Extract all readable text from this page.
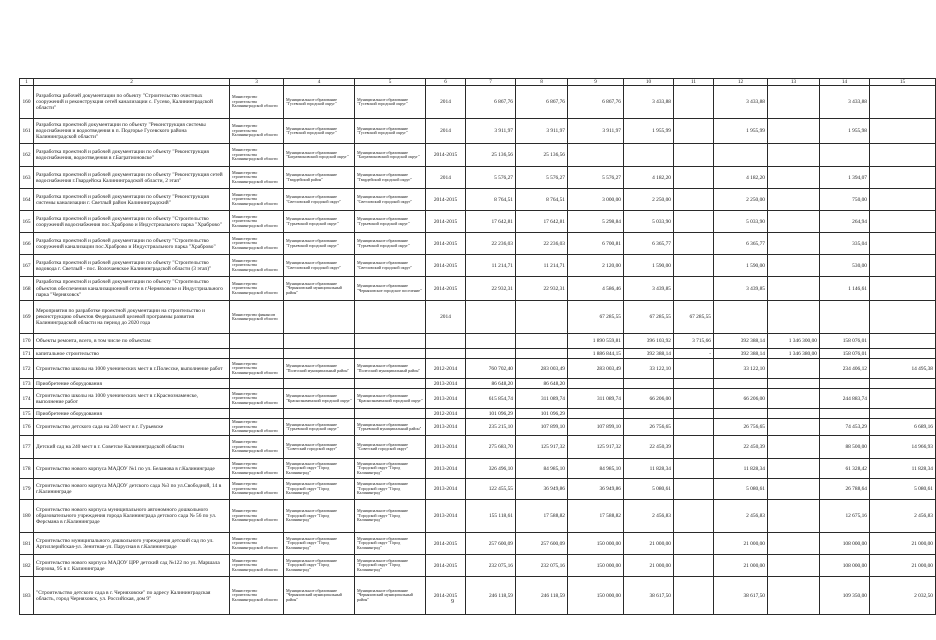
1	2	3	4	5	6	7	8	9	10	11	12	13	14	15
160	Разработка рабочей документации по объекту "Строительство очистных сооружений и реконструкция сетей канализации с. Гусево, Калининградской области"	Министерство строительства Калининградской области	Муниципальное образование "Гусевский городской округ"	Муниципальное образование "Гусевский городской округ"	2014	6 867,76	6 867,76	6 867,76	3 433,88		3 433,88		3 433,88	
161	Разработка проектной документации по объекту "Реконструкция системы водоснабжения и водоотведения в п. Подгорье Гусевского района Калининградской области"	Министерство строительства Калининградской области	Муниципальное образование "Гусевский городской округ"	Муниципальное образование "Гусевский городской округ"	2014	3 911,97	3 911,97	3 911,97	1 955,99		1 955,99		1 955,98	
162	Разработка проектной и рабочей документации по объекту "Реконструкция водоснабжения, водоотведения в г.Багратионовске"	Министерство строительства Калининградской области	Муниципальное образование "Багратионовский городской округ"	Муниципальное образование "Багратионовский городской округ"	2014-2015	25 136,56	25 136,56							
163	Разработка проектной и рабочей документации по объекту "Реконструкция сетей водоснабжения г.Гвардейска Калининградской области, 2 этап"	Министерство строительства Калининградской области	Муниципальное образование "Гвардейский район"	Муниципальное образование "Гвардейский городской округ"	2014	5 576,27	5 576,27	5 576,27	4 182,20		4 182,20		1 394,07	
164	Разработка проектной и рабочей документации по объекту "Реконструкция системы канализации г. Светлый район Калининградский"	Министерство строительства Калининградской области	Муниципальное образование "Светловский городской округ"	Муниципальное образование "Светловский городской округ"	2014-2015	8 764,51	8 764,51	3 000,00	2 250,00		2 250,00		750,00	
165	Разработка проектной и рабочей документации по объекту "Строительство сооружений водоснабжения пос.Храброво и Индустриального парка "Храброво"	Министерство строительства Калининградской области	Муниципальное образование "Гурьевский городской округ"	Муниципальное образование "Гурьевский городской округ"	2014-2015	17 642,81	17 642,81	5 298,84	5 033,90		5 033,90		264,94	
166	Разработка проектной и рабочей документации по объекту "Строительство сооружений канализации пос.Храброво и Индустриального парка "Храброво"	Министерство строительства Калининградской области	Муниципальное образование "Гурьевский городской округ"	Муниципальное образование "Гурьевский городской округ"	2014-2015	22 236,03	22 236,03	6 700,81	6 365,77		6 365,77		335,04	
167	Разработка проектной и рабочей документации по объекту "Строительство водовода г. Светлый - пос. Волочаевское Калининградской области (3 этап)"	Министерство строительства Калининградской области	Муниципальное образование "Светловский городской округ"	Муниципальное образование "Светловский городской округ"	2014-2015	11 214,71	11 214,71	2 120,00	1 590,00		1 590,00		530,00	
168	Разработка проектной и рабочей документации по объекту "Строительство объектов обеспечения канализационной сети в г.Черняховске и Индустриального парка "Черняховск"	Министерство строительства Калининградской области	Муниципальное образование "Черняховский муниципальный район"	Муниципальное образование "Черняховское городское поселение"	2014-2015	22 932,31	22 932,31	4 586,46	3 439,85		3 439,85		1 146,61	
169	Мероприятия по разработке проектной документации на строительство и реконструкцию объектов Федеральной целевой программы развития Калининградской области на период до 2020 года	Министерство финансов Калининградской области			2014			67 285,55	67 285,55	67 285,55				
170	Объекты ремонта, всего, в том числе по объектам:							1 890 559,81	396 103,92	3 715,66	392 388,14	1 346 300,00	158 076,01	
171	капитальное строительство							1 886 844,15	392 388,14	-	392 388,14	1 346 380,00	158 076,01	
172	Строительство школы на 1000 ученических мест в г.Полесске, выполнение работ	Министерство строительства Калининградской области	Муниципальное образование "Полесский муниципальный район"	Муниципальное образование "Полесский муниципальный район"	2012-2014	760 702,40	283 003,49	283 003,49	33 122,10		33 122,10		234 406,12	14 495,38
173	Приобретение оборудования				2013-2014	86 648,20	86 648,20							
174	Строительство школы на 1000 ученических мест в г.Краснознаменске, выполнение работ	Министерство строительства Калининградской области	Муниципальное образование "Краснознаменский городской округ"	Муниципальное образование "Краснознаменский городской округ"	2013-2014	615 854,74	311 089,74	311 089,74	66 206,00		66 206,00		244 883,74	
175	Приобретение оборудования				2012-2014	101 096,29	101 096,29							
176	Строительство детского сада на 240 мест в г. Гурьевске	Министерство строительства Калининградской области	Муниципальное образование "Гурьевский городской округ"	Муниципальное образование "Гурьевский муниципальный район"	2013-2014	235 215,10	107 899,10	107 899,10	26 756,65		26 756,65		74 453,29	6 689,16
177	Детский сад на 240 мест в г. Советске Калининградской области	Министерство строительства Калининградской области	Муниципальное образование "Советский городской округ"	Муниципальное образование "Советский городской округ"	2013-2014	275 683,70	125 917,32	125 917,32	22 450,39		22 450,39		88 500,00	14 966,93
178	Строительство нового корпуса МАДОУ №1 по ул. Беланова в г.Калининграде	Министерство строительства Калининградской области	Муниципальное образование "Городской округ "Город Калининград"	Муниципальное образование "Городской округ "Город Калининград"	2013-2014	326 496,10	84 985,10	84 985,10	11 828,34		11 828,34		61 328,42	11 828,34
179	Строительство нового корпуса МАДОУ детского сада №3 по ул.Свободной, 14 в г.Калининграде	Министерство строительства Калининградской области	Муниципальное образование "Городской округ "Город Калининград"	Муниципальное образование "Городской округ "Город Калининград"	2013-2014	122 455,55	36 949,86	36 949,86	5 080,61		5 080,61		26 788,64	5 080,61
180	Строительство нового корпуса муниципального автономного дошкольного образовательного учреждения города Калининграда детского сада № 56 по ул. Ферсмана в г.Калининграде	Министерство строительства Калининградской области	Муниципальное образование "Городской округ "Город Калининград"	Муниципальное образование "Городской округ "Город Калининград"	2013-2014	155 118,61	17 588,82	17 588,82	2 456,83		2 456,83		12 675,16	2 456,83
181	Строительство муниципального дошкольного учреждения детский сад по ул. Артиллерийская-ул. Зенитная-ул. Парусная в г.Калининграде	Министерство строительства Калининградской области	Муниципальное образование "Городской округ "Город Калининград"	Муниципальное образование "Городской округ "Город Калининград"	2014-2015	257 600,09	257 600,09	150 000,00	21 000,00		21 000,00		108 000,00	21 000,00
182	Строительство нового корпуса МАДОУ ЦРР детский сад №122 по ул. Маршала Борзова, 95 в г. Калининграде	Министерство строительства Калининградской области	Муниципальное образование "Городской округ "Город Калининград"	Муниципальное образование "Городской округ "Город Калининград"	2014-2015	232 075,16	232 075,16	150 000,00	21 000,00		21 000,00		108 000,00	21 000,00
183	"Строительство детского сада в г. Черняховске" по адресу Калининградская область, город Черняховск, ул. Российская, дом 9"	Министерство строительства Калининградской области	Муниципальное образование "Черняховский муниципальный район"	Муниципальное образование "Черняховский муниципальный район"	2014-2015	246 118,59	246 118,59	150 000,00	38 617,50		38 617,50		109 350,00	2 032,50
9
